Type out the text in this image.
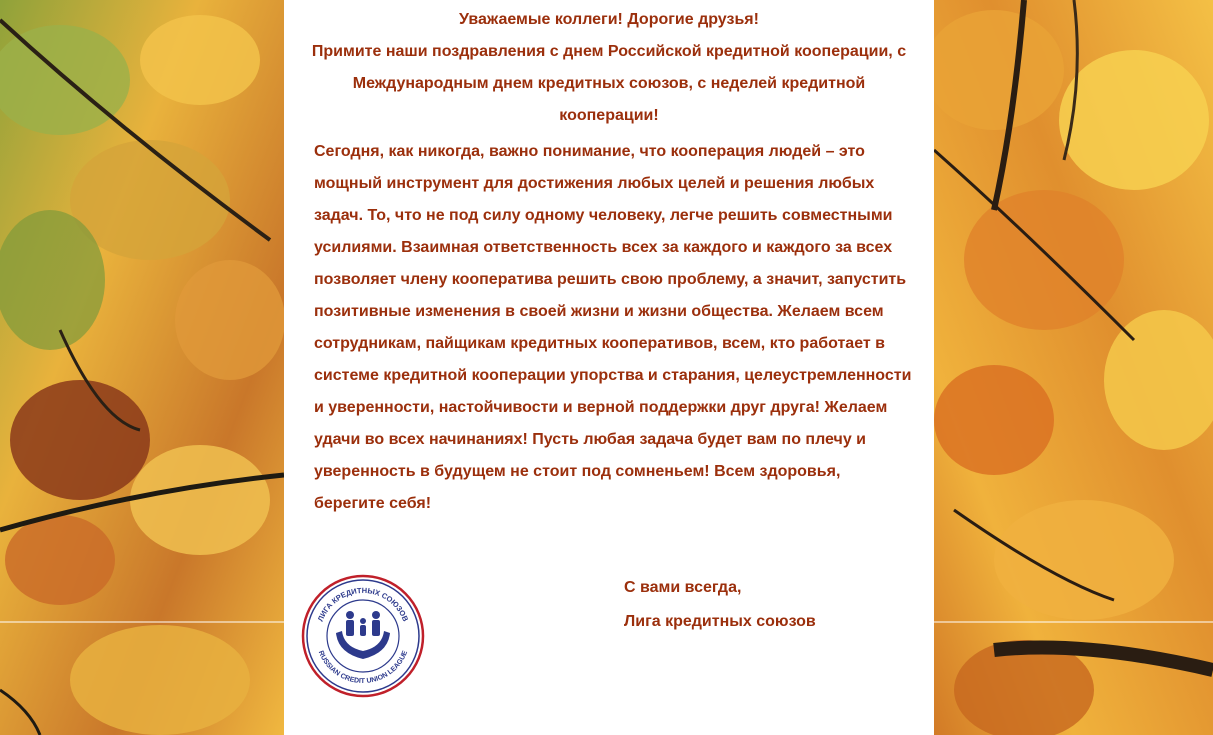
Уважаемые коллеги! Дорогие друзья!

Примите наши поздравления с днем Российской кредитной кооперации, с Международным днем кредитных союзов, с неделей кредитной кооперации!

Сегодня, как никогда, важно понимание, что кооперация людей – это мощный инструмент для достижения любых целей и решения любых задач. То, что не под силу одному человеку, легче решить совместными усилиями. Взаимная ответственность всех за каждого и каждого за всех позволяет члену кооператива решить свою проблему, а значит, запустить позитивные изменения в своей жизни и жизни общества. Желаем всем сотрудникам, пайщикам кредитных кооперативов, всем, кто работает в системе кредитной кооперации упорства и старания, целеустремленности и уверенности, настойчивости и верной поддержки друг друга! Желаем удачи во всех начинаниях! Пусть любая задача будет вам по плечу и уверенность в будущем не стоит под сомненьем! Всем здоровья, берегите себя!

ЛИГА КРЕДИТНЫХ СОЮЗОВ
RUSSIAN CREDIT UNION LEAGUE

С вами всегда,

Лига кредитных союзов
